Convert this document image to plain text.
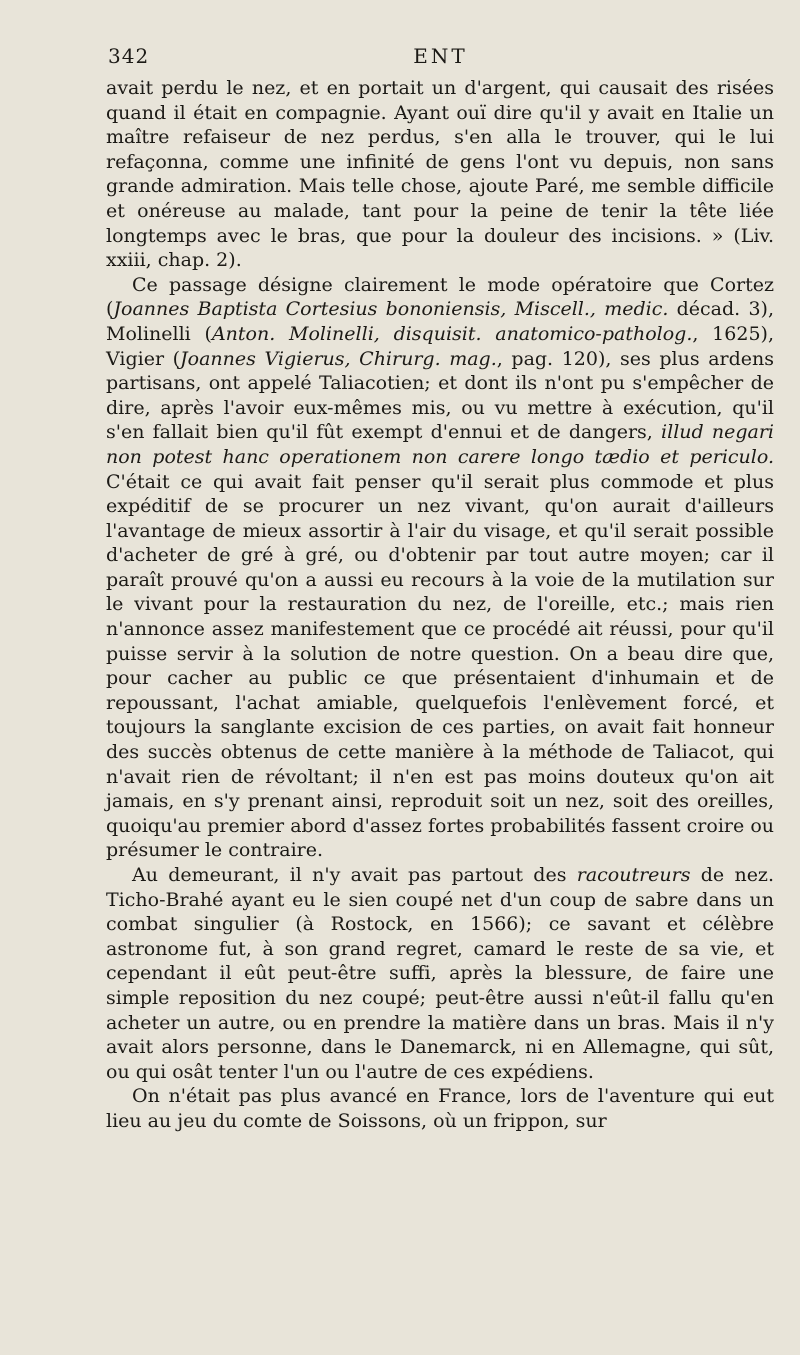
342	ENT

avait perdu le nez, et en portait un d'argent, qui causait des risées quand il était en compagnie. Ayant ouï dire qu'il y avait en Italie un maître refaiseur de nez perdus, s'en alla le trouver, qui le lui refaçonna, comme une infinité de gens l'ont vu depuis, non sans grande admiration. Mais telle chose, ajoute Paré, me semble difficile et onéreuse au malade, tant pour la peine de tenir la tête liée longtemps avec le bras, que pour la douleur des incisions. » (Liv. xxiii, chap. 2).

Ce passage désigne clairement le mode opératoire que Cortez (Joannes Baptista Cortesius bononiensis, Miscell., medic. décad. 3), Molinelli (Anton. Molinelli, disquisit. anatomico-patholog., 1625), Vigier (Joannes Vigierus, Chirurg. mag., pag. 120), ses plus ardens partisans, ont appelé Taliacotien; et dont ils n'ont pu s'empêcher de dire, après l'avoir eux-mêmes mis, ou vu mettre à exécution, qu'il s'en fallait bien qu'il fût exempt d'ennui et de dangers, illud negari non potest hanc operationem non carere longo tædio et periculo. C'était ce qui avait fait penser qu'il serait plus commode et plus expéditif de se procurer un nez vivant, qu'on aurait d'ailleurs l'avantage de mieux assortir à l'air du visage, et qu'il serait possible d'acheter de gré à gré, ou d'obtenir par tout autre moyen; car il paraît prouvé qu'on a aussi eu recours à la voie de la mutilation sur le vivant pour la restauration du nez, de l'oreille, etc.; mais rien n'annonce assez manifestement que ce procédé ait réussi, pour qu'il puisse servir à la solution de notre question. On a beau dire que, pour cacher au public ce que présentaient d'inhumain et de repoussant, l'achat amiable, quelquefois l'enlèvement forcé, et toujours la sanglante excision de ces parties, on avait fait honneur des succès obtenus de cette manière à la méthode de Taliacot, qui n'avait rien de révoltant; il n'en est pas moins douteux qu'on ait jamais, en s'y prenant ainsi, reproduit soit un nez, soit des oreilles, quoiqu'au premier abord d'assez fortes probabilités fassent croire ou présumer le contraire.

Au demeurant, il n'y avait pas partout des racoutreurs de nez. Ticho-Brahé ayant eu le sien coupé net d'un coup de sabre dans un combat singulier (à Rostock, en 1566); ce savant et célèbre astronome fut, à son grand regret, camard le reste de sa vie, et cependant il eût peut-être suffi, après la blessure, de faire une simple reposition du nez coupé; peut-être aussi n'eût-il fallu qu'en acheter un autre, ou en prendre la matière dans un bras. Mais il n'y avait alors personne, dans le Danemarck, ni en Allemagne, qui sût, ou qui osât tenter l'un ou l'autre de ces expédiens.

On n'était pas plus avancé en France, lors de l'aventure qui eut lieu au jeu du comte de Soissons, où un frippon, sur
